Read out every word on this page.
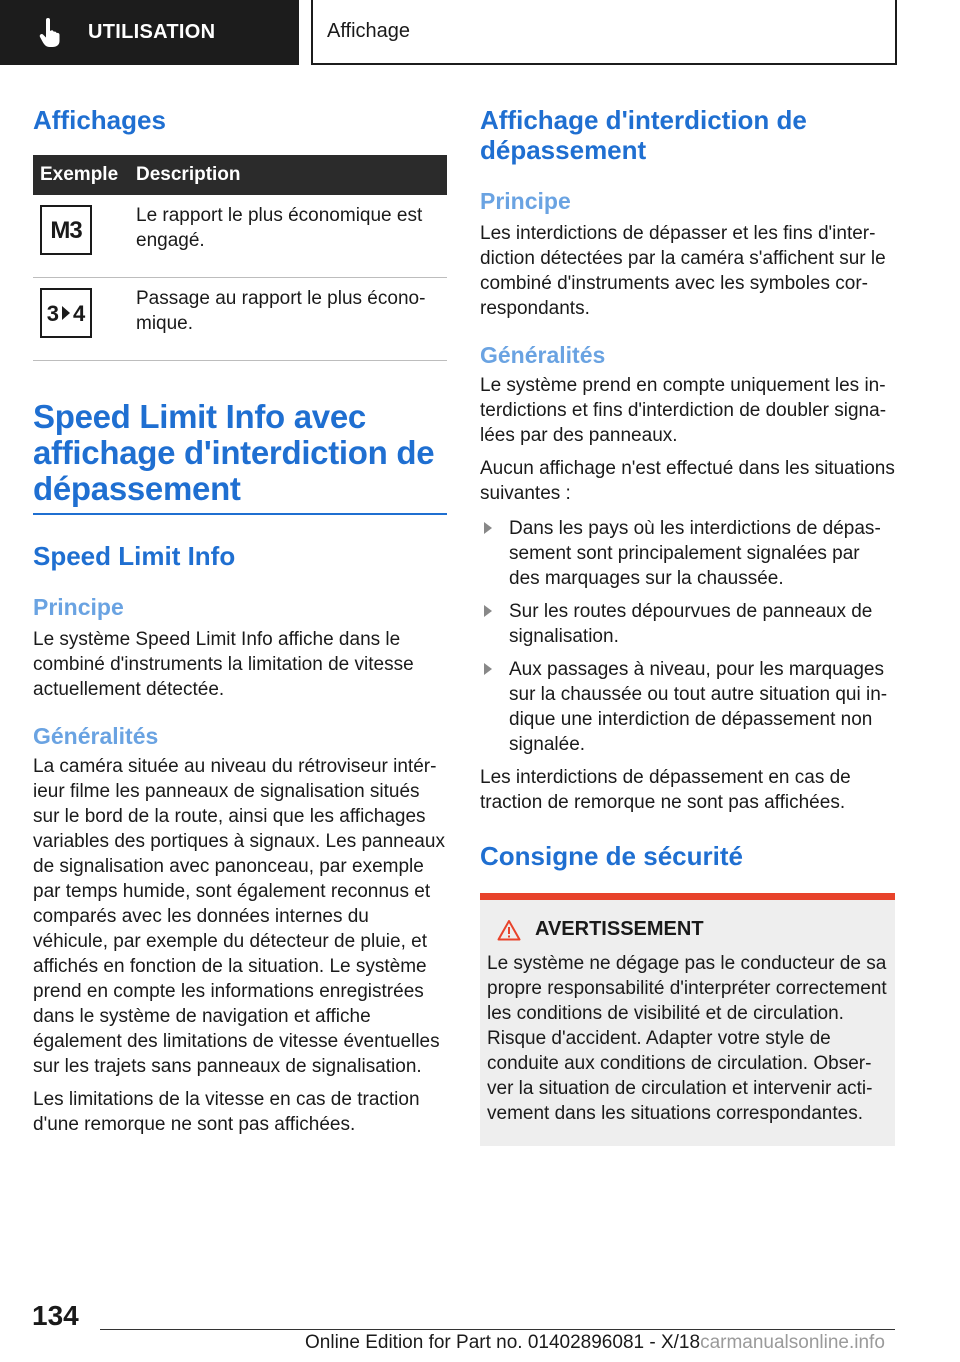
UTILISATION	Affichage
Affichages
Exemple	Description

M3	Le rapport le plus économique est engagé.

3 4	Passage au rapport le plus économique.
Speed Limit Info avec affichage d'interdiction de dépassement
Speed Limit Info
Principe

Le système Speed Limit Info affiche dans le combiné d'instruments la limitation de vitesse actuellement détectée.

Généralités

La caméra située au niveau du rétroviseur intérieur filme les panneaux de signalisation situés sur le bord de la route, ainsi que les affichages variables des portiques à signaux. Les panneaux de signalisation avec panonceau, par exemple par temps humide, sont également reconnus et comparés avec les données internes du véhicule, par exemple du détecteur de pluie, et affichés en fonction de la situation. Le système prend en compte les informations enregistrées dans le système de navigation et affiche également des limitations de vitesse éventuelles sur les trajets sans panneaux de signalisation.

Les limitations de la vitesse en cas de traction d'une remorque ne sont pas affichées.

Affichage d'interdiction de dépassement
Principe

Les interdictions de dépasser et les fins d'interdiction détectées par la caméra s'affichent sur le combiné d'instruments avec les symboles correspondants.

Généralités

Le système prend en compte uniquement les interdictions et fins d'interdiction de doubler signalées par des panneaux.

Aucun affichage n'est effectué dans les situations suivantes :

Dans les pays où les interdictions de dépassement sont principalement signalées par des marquages sur la chaussée.
Sur les routes dépourvues de panneaux de signalisation.
Aux passages à niveau, pour les marquages sur la chaussée ou tout autre situation qui indique une interdiction de dépassement non signalée.

Les interdictions de dépassement en cas de traction de remorque ne sont pas affichées.

Consigne de sécurité
AVERTISSEMENT

Le système ne dégage pas le conducteur de sa propre responsabilité d'interpréter correctement les conditions de visibilité et de circulation. Risque d'accident. Adapter votre style de conduite aux conditions de circulation. Observer la situation de circulation et intervenir activement dans les situations correspondantes.

134
Online Edition for Part no. 01402896081 - X/18carmanualsonline.info
